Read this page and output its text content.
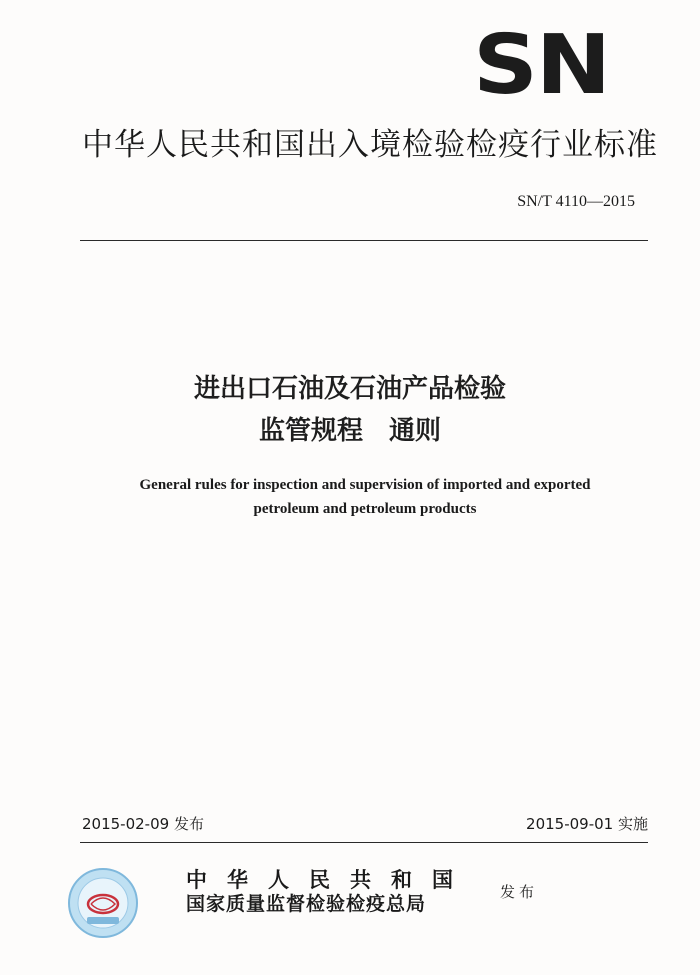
SN
中华人民共和国出入境检验检疫行业标准
SN/T 4110—2015
进出口石油及石油产品检验
监管规程　通则
General rules for inspection and supervision of imported and exported
petroleum and petroleum products
2015-02-09 发布	2015-09-01 实施
中华人民共和国
国家质量监督检验检疫总局
发布
